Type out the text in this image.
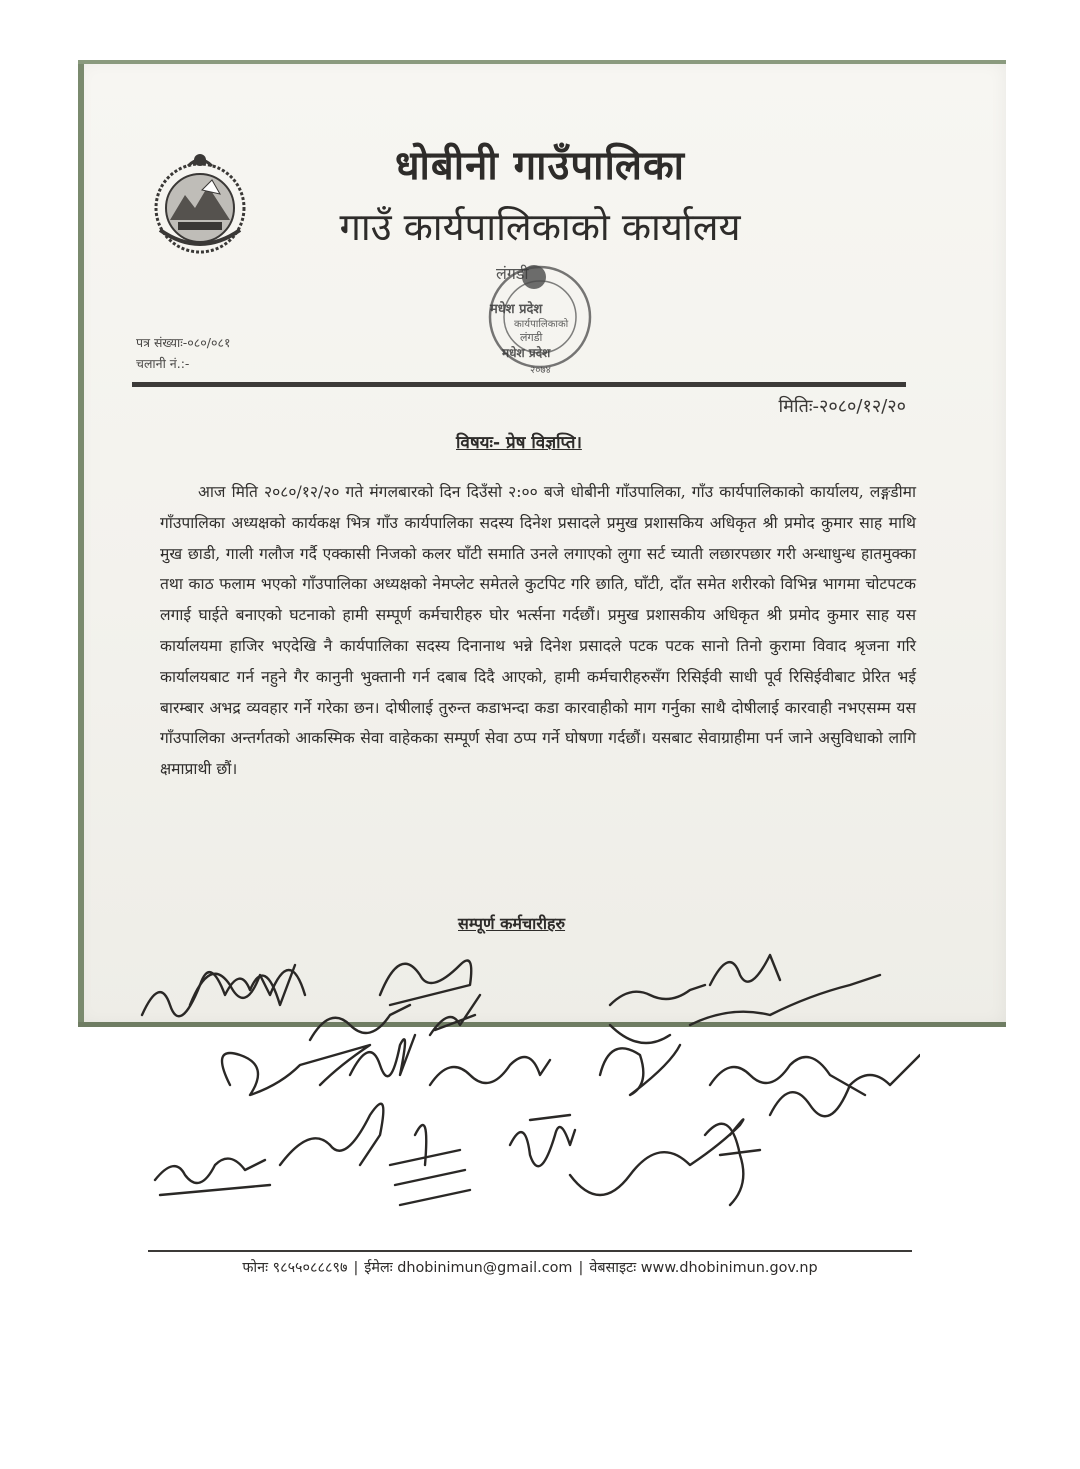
धोबीनी गाउँपालिका
गाउँ कार्यपालिकाको कार्यालय
लंगडी
मधेश प्रदेश
कार्यपालिकाको
लंगडी
मधेश प्रदेश
२०७४
पत्र संख्याः-०८०/०८१
चलानी नं.:-
मितिः-२०८०/१२/२०
विषयः- प्रेष विज्ञप्ति।

आज मिति २०८०/१२/२० गते मंगलबारको दिन दिउँसो २:०० बजे धोबीनी गाँउपालिका, गाँउ कार्यपालिकाको कार्यालय, लङ्गडीमा गाँउपालिका अध्यक्षको कार्यकक्ष भित्र गाँउ कार्यपालिका सदस्य दिनेश प्रसादले प्रमुख प्रशासकिय अधिकृत श्री प्रमोद कुमार साह माथि मुख छाडी, गाली गलौज गर्दै एक्कासी निजको कलर घाँटी समाति उनले लगाएको लुगा सर्ट च्याती लछारपछार गरी अन्धाधुन्ध हातमुक्का तथा काठ फलाम भएको गाँउपालिका अध्यक्षको नेमप्लेट समेतले कुटपिट गरि छाति, घाँटी, दाँत समेत शरीरको विभिन्न भागमा चोटपटक लगाई घाईते बनाएको घटनाको हामी सम्पूर्ण कर्मचारीहरु घोर भर्त्सना गर्दछौं। प्रमुख प्रशासकीय अधिकृत श्री प्रमोद कुमार साह यस कार्यालयमा हाजिर भएदेखि नै कार्यपालिका सदस्य दिनानाथ भन्ने दिनेश प्रसादले पटक पटक सानो तिनो कुरामा विवाद श्रृजना गरि कार्यालयबाट गर्न नहुने गैर कानुनी भुक्तानी गर्न दबाब दिदै आएको, हामी कर्मचारीहरुसँग रिसिईवी साधी पूर्व रिसिईवीबाट प्रेरित भई बारम्बार अभद्र व्यवहार गर्ने गरेका छन। दोषीलाई तुरुन्त कडाभन्दा कडा कारवाहीको माग गर्नुका साथै दोषीलाई कारवाही नभएसम्म यस गाँउपालिका अन्तर्गतको आकस्मिक सेवा वाहेकका सम्पूर्ण सेवा ठप्प गर्ने घोषणा गर्दछौं। यसबाट सेवाग्राहीमा पर्न जाने असुविधाको लागि क्षमाप्राथी छौं।

सम्पूर्ण कर्मचारीहरु
फोनः ९८५५०८८८९७ | ईमेलः dhobinimun@gmail.com | वेबसाइटः www.dhobinimun.gov.np
